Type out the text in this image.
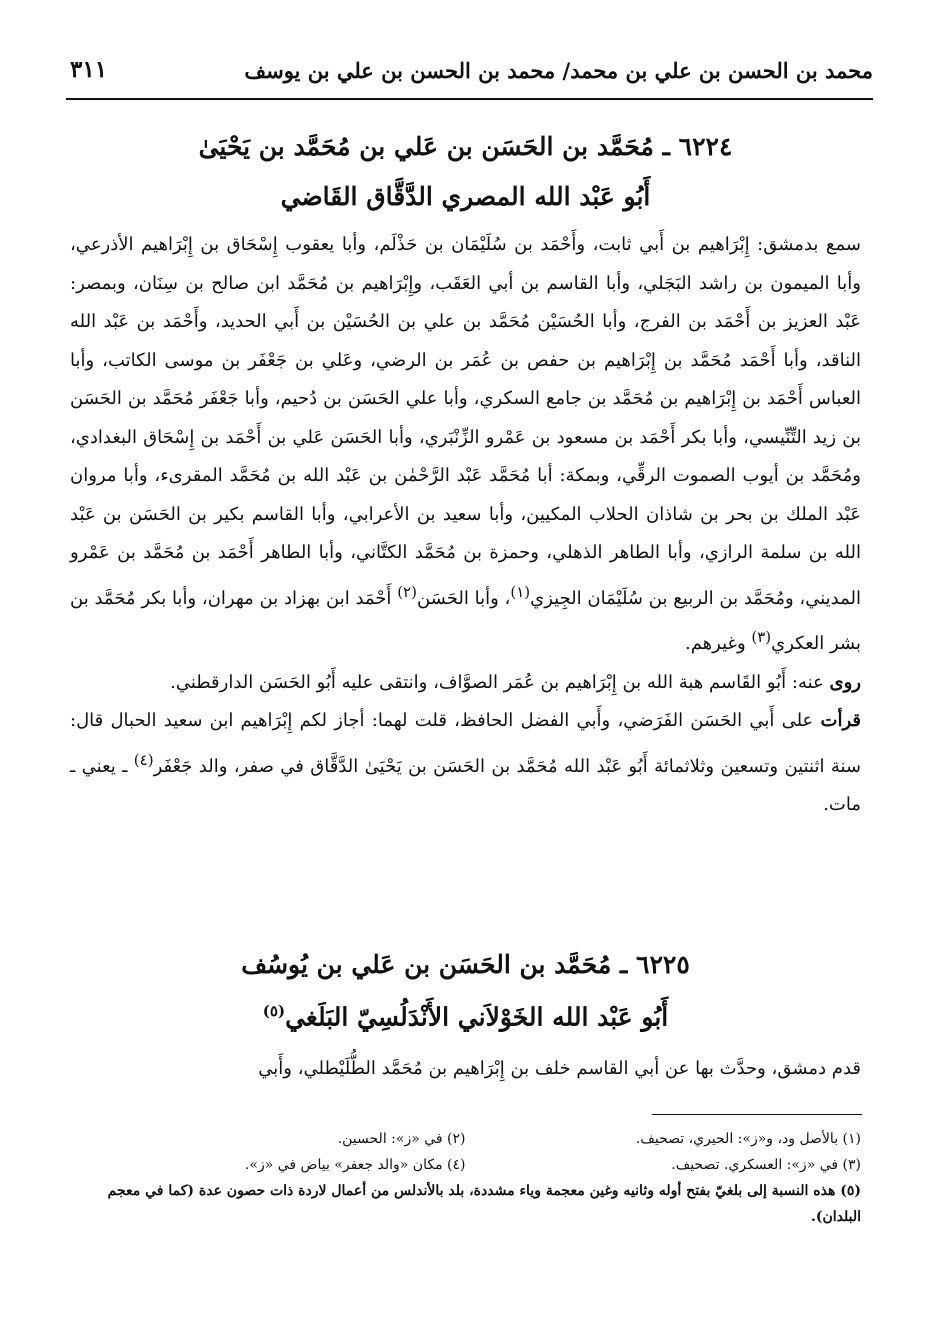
محمد بن الحسن بن علي بن محمد/ محمد بن الحسن بن علي بن يوسف
٣١١
٦٢٢٤ ـ مُحَمَّد بن الحَسَن بن عَلي بن مُحَمَّد بن يَحْيَىٰ
أَبُو عَبْد الله المصري الدَّقَّاق القَاضي

سمع بدمشق: إِبْرَاهيم بن أَبي ثابت، وأَحْمَد بن سُلَيْمَان بن حَذْلَم، وأبا يعقوب إِسْحَاق بن إِبْرَاهيم الأذرعي، وأبا الميمون بن راشد البَجَلي، وأبا القاسم بن أبي العَقَب، وإِبْرَاهيم بن مُحَمَّد ابن صالح بن سِنَان، وبمصر: عَبْد العزيز بن أَحْمَد بن الفرج، وأبا الحُسَيْن مُحَمَّد بن علي بن الحُسَيْن بن أَبي الحديد، وأَحْمَد بن عَبْد الله الناقد، وأبا أَحْمَد مُحَمَّد بن إِبْرَاهيم بن حفص بن عُمَر بن الرضي، وعَلي بن جَعْفَر بن موسى الكاتب، وأبا العباس أَحْمَد بن إِبْرَاهيم بن مُحَمَّد بن جامع السكري، وأبا علي الحَسَن بن دُحيم، وأبا جَعْفَر مُحَمَّد بن الحَسَن بن زيد التِّنِّيسي، وأبا بكر أَحْمَد بن مسعود بن عَمْرو الزِّنْبَري، وأبا الحَسَن عَلي بن أَحْمَد بن إِسْحَاق البغدادي، ومُحَمَّد بن أيوب الصموت الرقِّي، وبمكة: أبا مُحَمَّد عَبْد الرَّحْمٰن بن عَبْد الله بن مُحَمَّد المقرىء، وأبا مروان عَبْد الملك بن بحر بن شاذان الحلاب المكيين، وأبا سعيد بن الأعرابي، وأبا القاسم بكير بن الحَسَن بن عَبْد الله بن سلمة الرازي، وأبا الطاهر الذهلي، وحمزة بن مُحَمَّد الكتَّاني، وأبا الطاهر أَحْمَد بن مُحَمَّد بن عَمْرو المديني، ومُحَمَّد بن الربيع بن سُلَيْمَان الجِيزي$^{(١)}$، وأبا الحَسَن$^{(٢)}$ أَحْمَد ابن بهزاد بن مهران، وأبا بكر مُحَمَّد بن بشر العكري$^{(٣)}$ وغيرهم.

روى عنه: أَبُو القَاسم هبة الله بن إِبْرَاهيم بن عُمَر الصوَّاف، وانتقى عليه أَبُو الحَسَن الدارقطني.

قرأت على أَبي الحَسَن الفَرَضي، وأَبي الفضل الحافظ، قلت لهما: أجاز لكم إِبْرَاهيم ابن سعيد الحبال قال: سنة اثنتين وتسعين وثلاثمائة أَبُو عَبْد الله مُحَمَّد بن الحَسَن بن يَحْيَىٰ الدَّقَّاق في صفر، والد جَعْفَر$^{(٤)}$ ـ يعني ـ مات.

٦٢٢٥ ـ مُحَمَّد بن الحَسَن بن عَلي بن يُوسُف
أَبُو عَبْد الله الخَوْلاَني الأَنْدَلُسِيّ البَلَغي$^{(٥)}$

قدم دمشق، وحدَّث بها عن أبي القاسم خلف بن إِبْرَاهيم بن مُحَمَّد الطُّلَيْطلي، وأَبي

(١) بالأصل ود، و«ز»: الحيري، تصحيف.
(٢) في «ز»: الحسين.
(٣) في «ز»: العسكري. تصحيف.
(٤) مكان «والد جعفر» بياض في «ز».
(٥) هذه النسبة إلى بلغيّ بفتح أوله وثانيه وغين معجمة وياء مشددة، بلد بالأندلس من أعمال لاردة ذات حصون عدة (كما في معجم البلدان).
